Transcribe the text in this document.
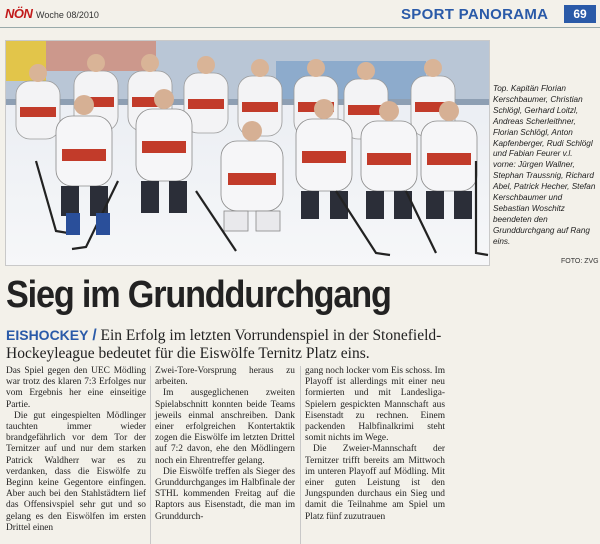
NÖN Woche 08/2010	SPORT PANORAMA	69
Top. Kapitän Florian Kerschbaumer, Christian Schlögl, Gerhard Loitzl, Andreas Scherleithner, Florian Schlögl, Anton Kapfenberger, Rudi Schlögl und Fabian Feurer v.l. vorne: Jürgen Wallner, Stephan Traussnig, Richard Abel, Patrick Hecher, Stefan Kerschbaumer und Sebastian Woschitz beendeten den Grunddurchgang auf Rang eins.
FOTO: ZVG
Sieg im Grunddurchgang
EISHOCKEY / Ein Erfolg im letzten Vorrundenspiel in der Stonefield-Hockeyleague bedeutet für die Eiswölfe Ternitz Platz eins.

Das Spiel gegen den UEC Mödling war trotz des klaren 7:3 Erfolges nur vom Ergebnis her eine einseitige Partie.

Die gut eingespielten Mödlinger tauchten immer wieder brandgefährlich vor dem Tor der Ternitzer auf und nur dem starken Patrick Waldherr war es zu verdanken, dass die Eiswölfe zu Beginn keine Gegentore einfingen. Aber auch bei den Stahlstädtern lief das Offensivspiel sehr gut und so gelang es den Eiswölfen im ersten Drittel einen

Zwei-Tore-Vorsprung heraus zu arbeiten.

Im ausgeglichenen zweiten Spielabschnitt konnten beide Teams jeweils einmal anschreiben. Dank einer erfolgreichen Kontertaktik zogen die Eiswölfe im letzten Drittel auf 7:2 davon, ehe den Mödlingern noch ein Ehrentreffer gelang.

Die Eiswölfe treffen als Sieger des Grunddurchganges im Halbfinale der STHL kommenden Freitag auf die Raptors aus Eisenstadt, die man im Grunddurch-

gang noch locker vom Eis schoss. Im Playoff ist allerdings mit einer neu formierten und mit Landesliga-Spielern gespickten Mannschaft aus Eisenstadt zu rechnen. Einem packenden Halbfinalkrimi steht somit nichts im Wege.

Die Zweier-Mannschaft der Ternitzer trifft bereits am Mittwoch im unteren Playoff auf Mödling. Mit einer guten Leistung ist den Jungspunden durchaus ein Sieg und damit die Teilnahme am Spiel um Platz fünf zuzutrauen
